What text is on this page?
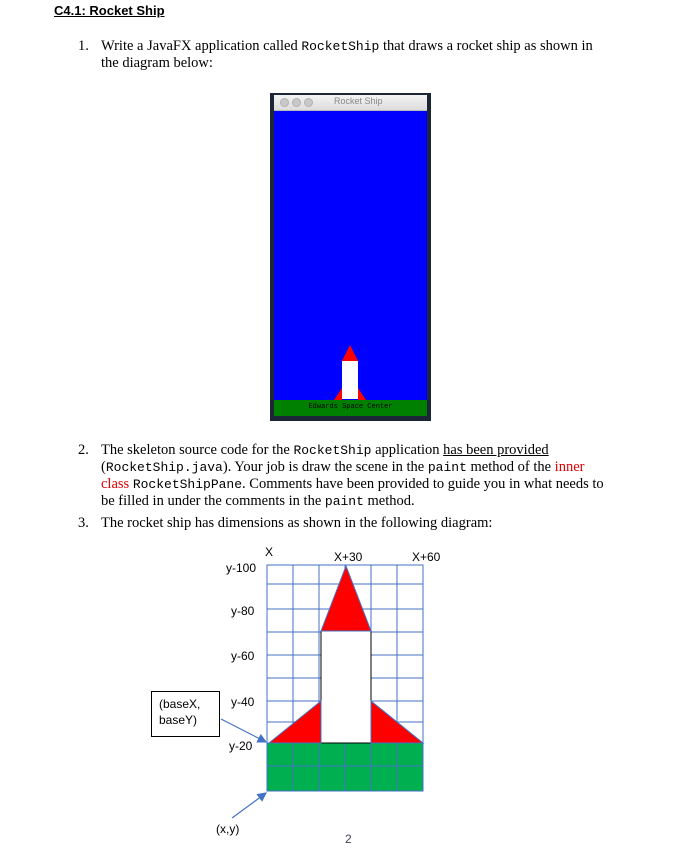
C4.1: Rocket Ship
1. Write a JavaFX application called RocketShip that draws a rocket ship as shown in
the diagram below:
Rocket Ship
Edwards Space Center
2. The skeleton source code for the RocketShip application has been provided
(RocketShip.java). Your job is draw the scene in the paint method of the inner
class RocketShipPane. Comments have been provided to guide you in what needs to
be filled in under the comments in the paint method.
3. The rocket ship has dimensions as shown in the following diagram:
X	X+30	X+60
y-100
y-80
y-60
y-40
y-20
(baseX,
baseY)
(x,y)
2
